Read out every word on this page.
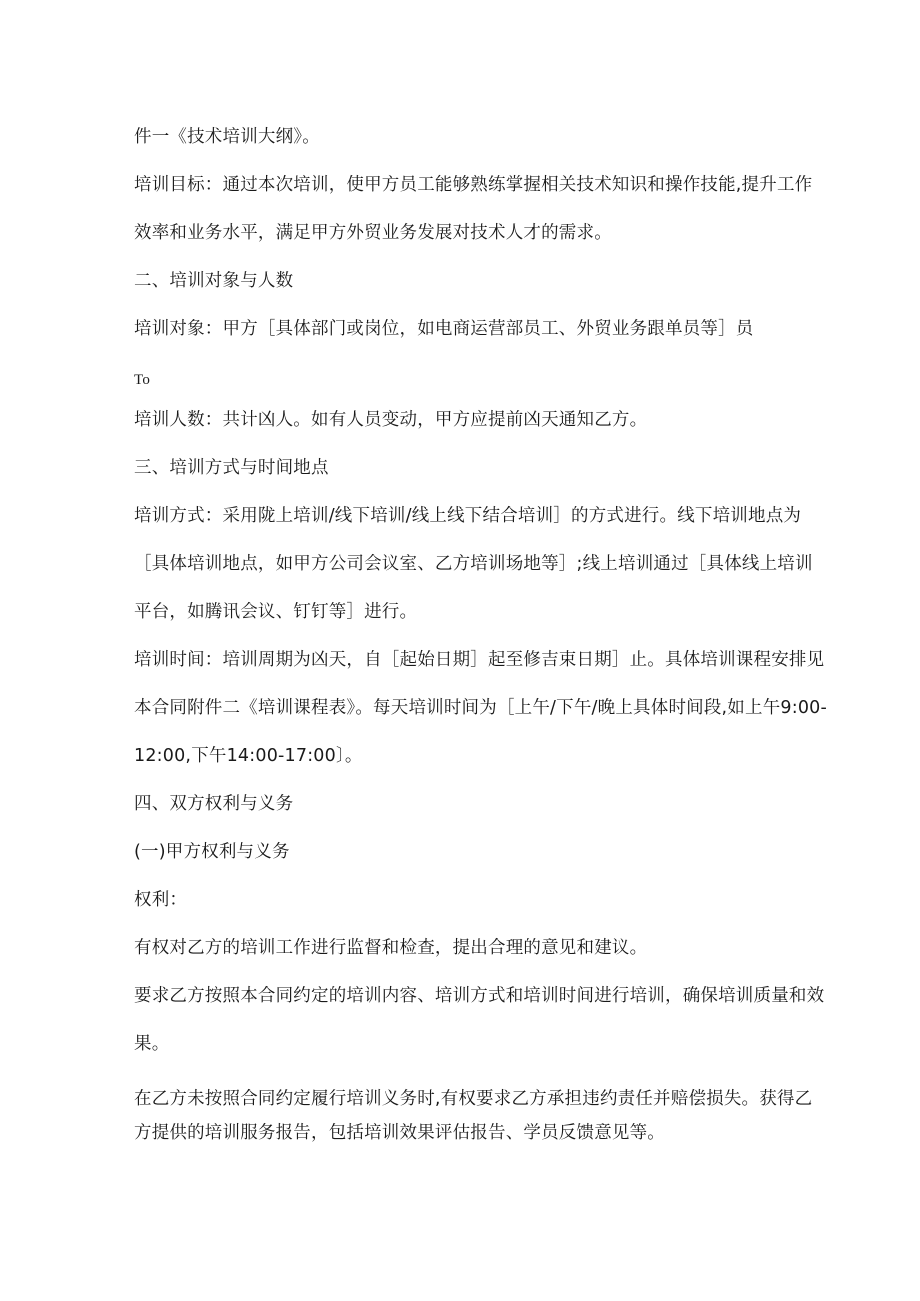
件一《技术培训大纲》。
培训目标：通过本次培训，使甲方员工能够熟练掌握相关技术知识和操作技能,提升工作
效率和业务水平，满足甲方外贸业务发展对技术人才的需求。
二、培训对象与人数
培训对象：甲方［具体部门或岗位，如电商运营部员工、外贸业务跟单员等］员
To
培训人数：共计凶人。如有人员变动，甲方应提前凶天通知乙方。
三、培训方式与时间地点
培训方式：采用陇上培训/线下培训/线上线下结合培训］的方式进行。线下培训地点为
［具体培训地点，如甲方公司会议室、乙方培训场地等］;线上培训通过［具体线上培训
平台，如腾讯会议、钉钉等］进行。
培训时间：培训周期为凶天，自［起始日期］起至修吉束日期］止。具体培训课程安排见
本合同附件二《培训课程表》。每天培训时间为［上午/下午/晚上具体时间段,如上午9:00-
12:00,下午14:00-17:00〕。
四、双方权利与义务
(一)甲方权利与义务
权利：
有权对乙方的培训工作进行监督和检查，提出合理的意见和建议。
要求乙方按照本合同约定的培训内容、培训方式和培训时间进行培训，确保培训质量和效
果。
在乙方未按照合同约定履行培训义务时,有权要求乙方承担违约责任并赔偿损失。获得乙
方提供的培训服务报告，包括培训效果评估报告、学员反馈意见等。
